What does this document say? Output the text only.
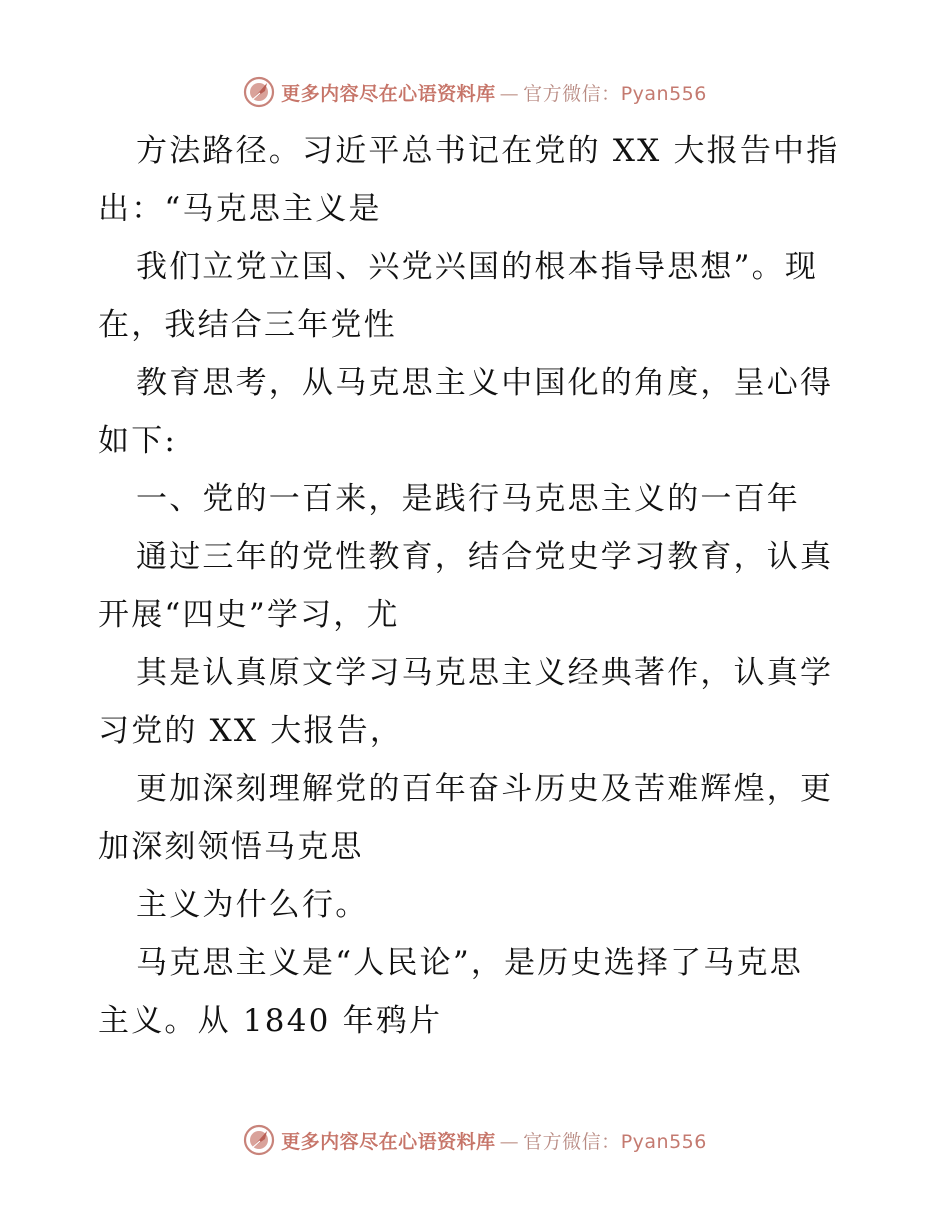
更多内容尽在心语资料库 — 官方微信：Pyan556
方法路径。习近平总书记在党的 XX 大报告中指
出：“马克思主义是
我们立党立国、兴党兴国的根本指导思想”。现
在，我结合三年党性
教育思考，从马克思主义中国化的角度，呈心得
如下:
一、党的一百来，是践行马克思主义的一百年
通过三年的党性教育，结合党史学习教育，认真
开展“四史”学习，尤
其是认真原文学习马克思主义经典著作，认真学
习党的 XX 大报告，
更加深刻理解党的百年奋斗历史及苦难辉煌，更
加深刻领悟马克思
主义为什么行。
马克思主义是“人民论”，是历史选择了马克思
主义。从 1840 年鸦片
更多内容尽在心语资料库 — 官方微信：Pyan556
